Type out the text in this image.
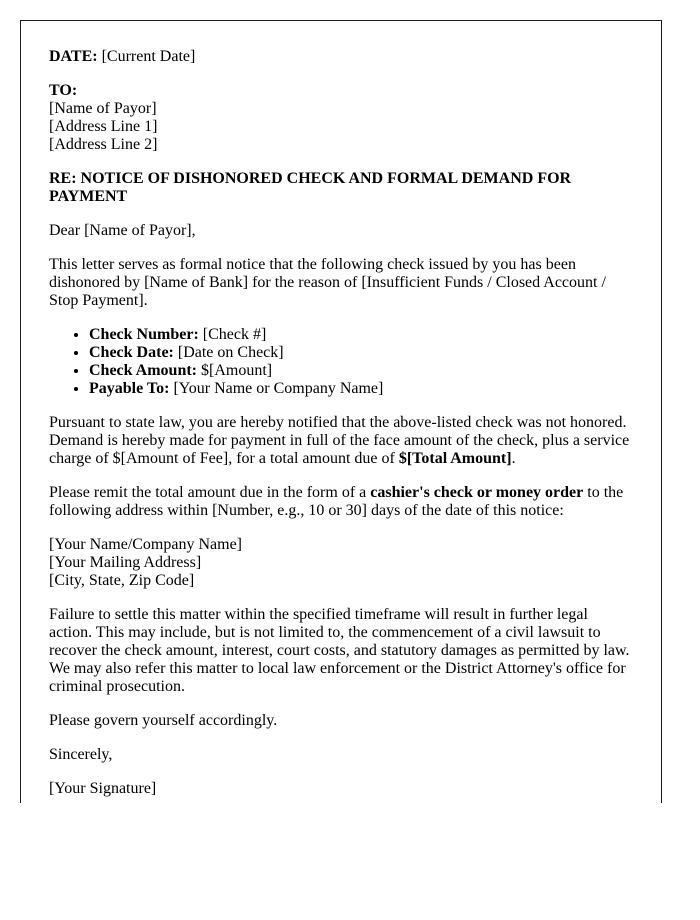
DATE: [Current Date]

TO:
[Name of Payor]
[Address Line 1]
[Address Line 2]

RE: NOTICE OF DISHONORED CHECK AND FORMAL DEMAND FOR PAYMENT

Dear [Name of Payor],

This letter serves as formal notice that the following check issued by you has been dishonored by [Name of Bank] for the reason of [Insufficient Funds / Closed Account / Stop Payment].

• Check Number: [Check #]
• Check Date: [Date on Check]
• Check Amount: $[Amount]
• Payable To: [Your Name or Company Name]

Pursuant to state law, you are hereby notified that the above-listed check was not honored. Demand is hereby made for payment in full of the face amount of the check, plus a service charge of $[Amount of Fee], for a total amount due of $[Total Amount].

Please remit the total amount due in the form of a cashier's check or money order to the following address within [Number, e.g., 10 or 30] days of the date of this notice:

[Your Name/Company Name]
[Your Mailing Address]
[City, State, Zip Code]

Failure to settle this matter within the specified timeframe will result in further legal action. This may include, but is not limited to, the commencement of a civil lawsuit to recover the check amount, interest, court costs, and statutory damages as permitted by law. We may also refer this matter to local law enforcement or the District Attorney's office for criminal prosecution.

Please govern yourself accordingly.

Sincerely,

[Your Signature]
